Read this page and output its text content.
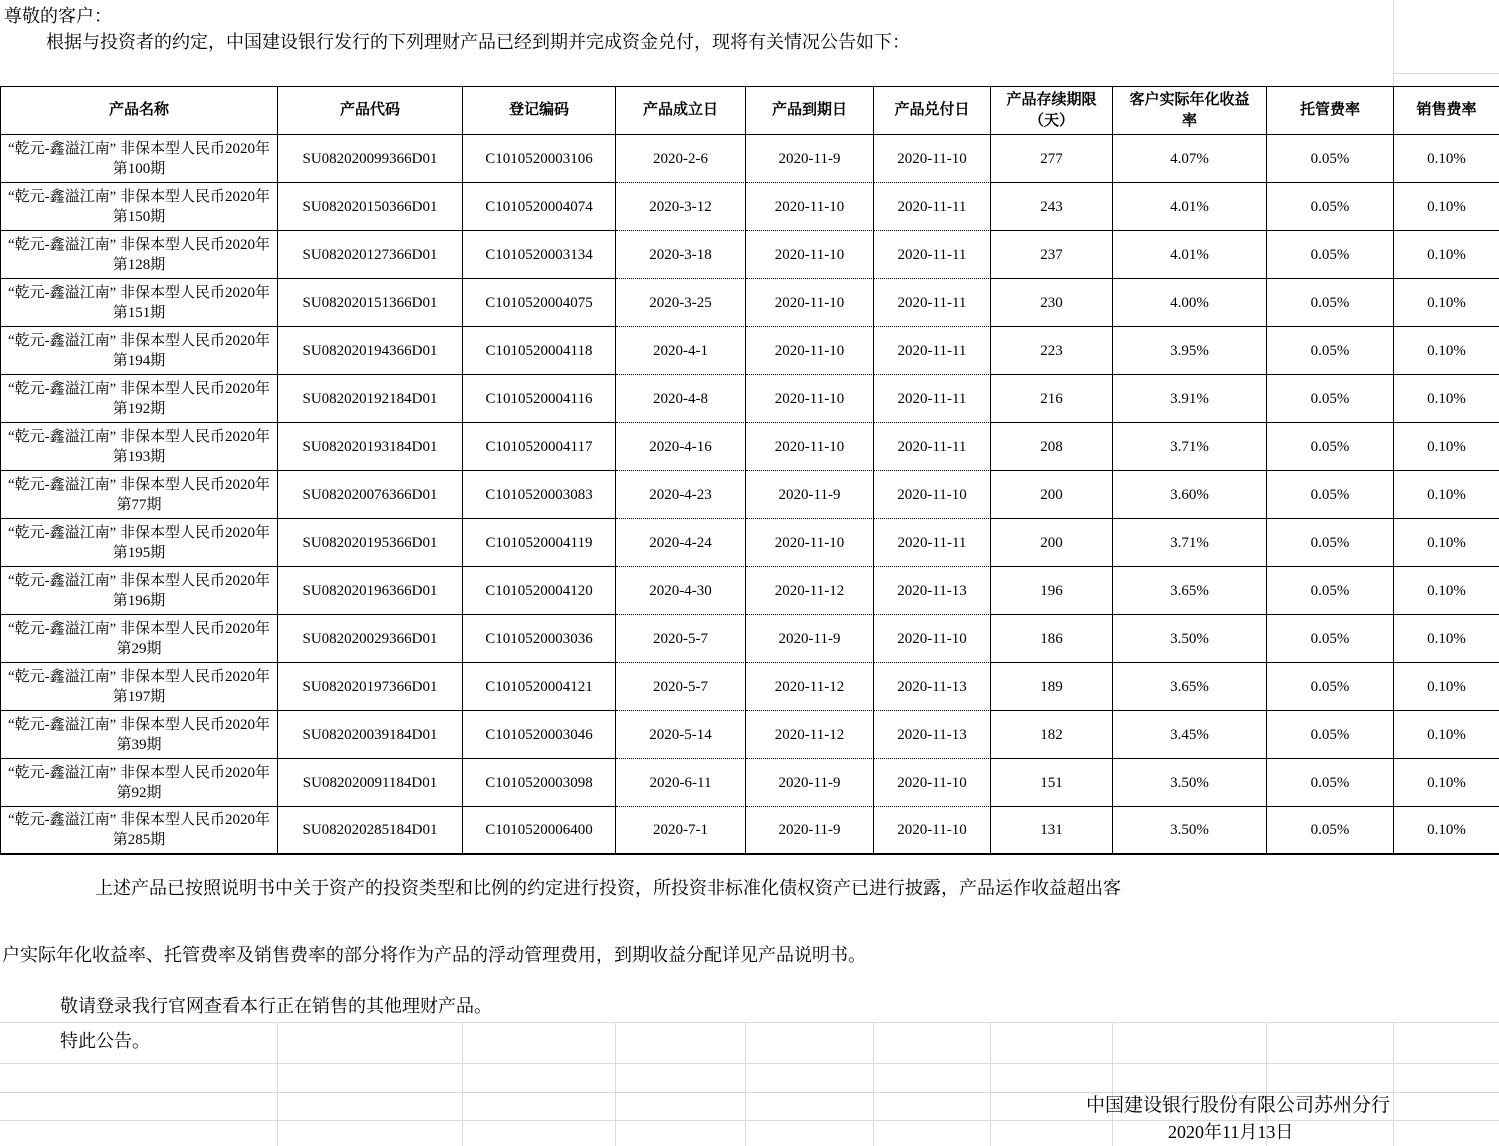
尊敬的客户：
根据与投资者的约定，中国建设银行发行的下列理财产品已经到期并完成资金兑付，现将有关情况公告如下：
产品名称	产品代码	登记编码	产品成立日	产品到期日	产品兑付日	产品存续期限（天）	客户实际年化收益率	托管费率	销售费率
“乾元-鑫溢江南” 非保本型人民币2020年第100期	SU082020099366D01	C1010520003106	2020-2-6	2020-11-9	2020-11-10	277	4.07%	0.05%	0.10%
“乾元-鑫溢江南” 非保本型人民币2020年第150期	SU082020150366D01	C1010520004074	2020-3-12	2020-11-10	2020-11-11	243	4.01%	0.05%	0.10%
“乾元-鑫溢江南” 非保本型人民币2020年第128期	SU082020127366D01	C1010520003134	2020-3-18	2020-11-10	2020-11-11	237	4.01%	0.05%	0.10%
“乾元-鑫溢江南” 非保本型人民币2020年第151期	SU082020151366D01	C1010520004075	2020-3-25	2020-11-10	2020-11-11	230	4.00%	0.05%	0.10%
“乾元-鑫溢江南” 非保本型人民币2020年第194期	SU082020194366D01	C1010520004118	2020-4-1	2020-11-10	2020-11-11	223	3.95%	0.05%	0.10%
“乾元-鑫溢江南” 非保本型人民币2020年第192期	SU082020192184D01	C1010520004116	2020-4-8	2020-11-10	2020-11-11	216	3.91%	0.05%	0.10%
“乾元-鑫溢江南” 非保本型人民币2020年第193期	SU082020193184D01	C1010520004117	2020-4-16	2020-11-10	2020-11-11	208	3.71%	0.05%	0.10%
“乾元-鑫溢江南” 非保本型人民币2020年第77期	SU082020076366D01	C1010520003083	2020-4-23	2020-11-9	2020-11-10	200	3.60%	0.05%	0.10%
“乾元-鑫溢江南” 非保本型人民币2020年第195期	SU082020195366D01	C1010520004119	2020-4-24	2020-11-10	2020-11-11	200	3.71%	0.05%	0.10%
“乾元-鑫溢江南” 非保本型人民币2020年第196期	SU082020196366D01	C1010520004120	2020-4-30	2020-11-12	2020-11-13	196	3.65%	0.05%	0.10%
“乾元-鑫溢江南” 非保本型人民币2020年第29期	SU082020029366D01	C1010520003036	2020-5-7	2020-11-9	2020-11-10	186	3.50%	0.05%	0.10%
“乾元-鑫溢江南” 非保本型人民币2020年第197期	SU082020197366D01	C1010520004121	2020-5-7	2020-11-12	2020-11-13	189	3.65%	0.05%	0.10%
“乾元-鑫溢江南” 非保本型人民币2020年第39期	SU082020039184D01	C1010520003046	2020-5-14	2020-11-12	2020-11-13	182	3.45%	0.05%	0.10%
“乾元-鑫溢江南” 非保本型人民币2020年第92期	SU082020091184D01	C1010520003098	2020-6-11	2020-11-9	2020-11-10	151	3.50%	0.05%	0.10%
“乾元-鑫溢江南” 非保本型人民币2020年第285期	SU082020285184D01	C1010520006400	2020-7-1	2020-11-9	2020-11-10	131	3.50%	0.05%	0.10%
上述产品已按照说明书中关于资产的投资类型和比例的约定进行投资，所投资非标准化债权资产已进行披露，产品运作收益超出客
户实际年化收益率、托管费率及销售费率的部分将作为产品的浮动管理费用，到期收益分配详见产品说明书。
敬请登录我行官网查看本行正在销售的其他理财产品。
特此公告。
中国建设银行股份有限公司苏州分行
2020年11月13日
